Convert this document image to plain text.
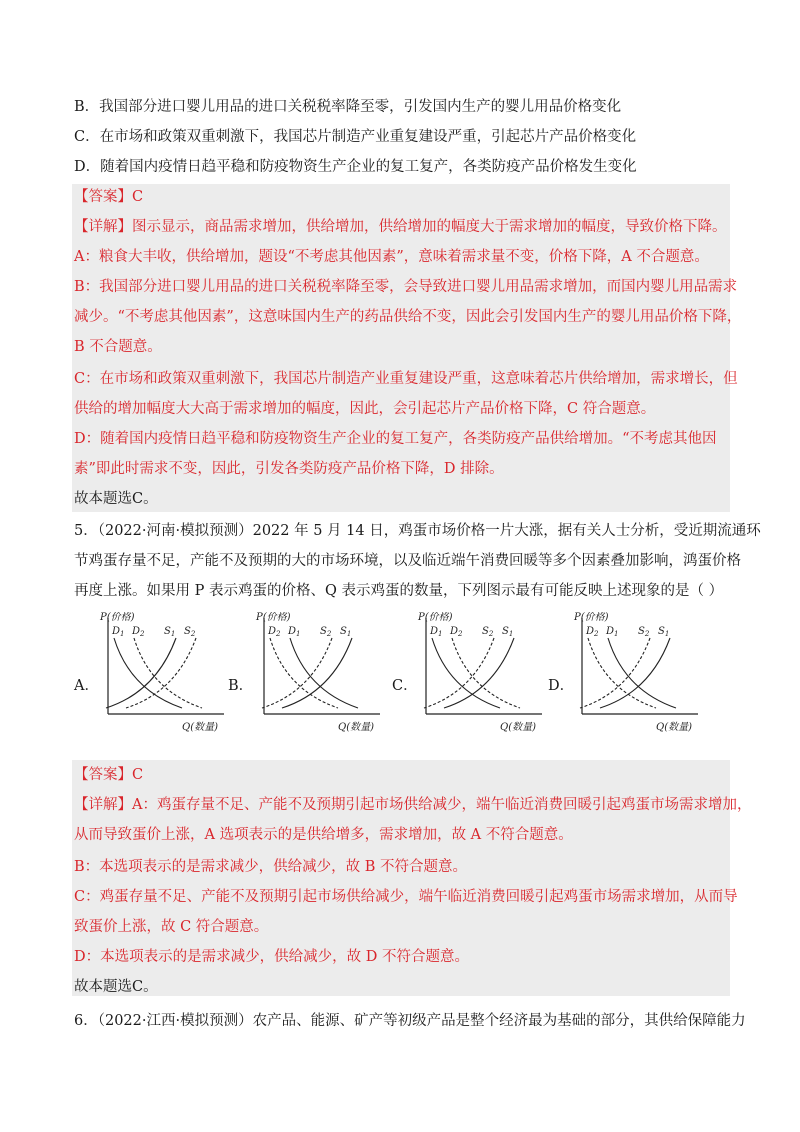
B．我国部分进口婴儿用品的进口关税税率降至零，引发国内生产的婴儿用品价格变化
C．在市场和政策双重刺激下，我国芯片制造产业重复建设严重，引起芯片产品价格变化
D．随着国内疫情日趋平稳和防疫物资生产企业的复工复产，各类防疫产品价格发生变化
【答案】C
【详解】图示显示，商品需求增加，供给增加，供给增加的幅度大于需求增加的幅度，导致价格下降。
A：粮食大丰收，供给增加，题设“不考虑其他因素”，意味着需求量不变，价格下降，A 不合题意。
B：我国部分进口婴儿用品的进口关税税率降至零，会导致进口婴儿用品需求增加，而国内婴儿用品需求
减少。“不考虑其他因素”，这意味国内生产的药品供给不变，因此会引发国内生产的婴儿用品价格下降，
B 不合题意。
C：在市场和政策双重刺激下，我国芯片制造产业重复建设严重，这意味着芯片供给增加，需求增长，但
供给的增加幅度大大高于需求增加的幅度，因此，会引起芯片产品价格下降，C 符合题意。
D：随着国内疫情日趋平稳和防疫物资生产企业的复工复产，各类防疫产品供给增加。“不考虑其他因
素”即此时需求不变，因此，引发各类防疫产品价格下降，D 排除。
故本题选C。
5．（2022·河南·模拟预测）2022 年 5 月 14 日，鸡蛋市场价格一片大涨，据有关人士分析，受近期流通环
节鸡蛋存量不足，产能不及预期的大的市场环境，以及临近端午消费回暖等多个因素叠加影响，鸿蛋价格
再度上涨。如果用 P 表示鸡蛋的价格、Q 表示鸡蛋的数量，下列图示最有可能反映上述现象的是（ ）
A．	B．	C．	D．
P(价格)
Q(数量)
$D_1$ $D_2$ $S_1$ $S_2$
P(价格)
Q(数量)
$D_2$ $D_1$ $S_2$ $S_1$
P(价格)
Q(数量)
$D_1$ $D_2$ $S_2$ $S_1$
P(价格)
Q(数量)
$D_2$ $D_1$ $S_2$ $S_1$
【答案】C
【详解】A：鸡蛋存量不足、产能不及预期引起市场供给减少，端午临近消费回暖引起鸡蛋市场需求增加，
从而导致蛋价上涨，A 选项表示的是供给增多，需求增加，故 A 不符合题意。
B：本选项表示的是需求减少，供给减少，故 B 不符合题意。
C：鸡蛋存量不足、产能不及预期引起市场供给减少，端午临近消费回暖引起鸡蛋市场需求增加，从而导
致蛋价上涨，故 C 符合题意。
D：本选项表示的是需求减少，供给减少，故 D 不符合题意。
故本题选C。
6．（2022·江西·模拟预测）农产品、能源、矿产等初级产品是整个经济最为基础的部分，其供给保障能力
